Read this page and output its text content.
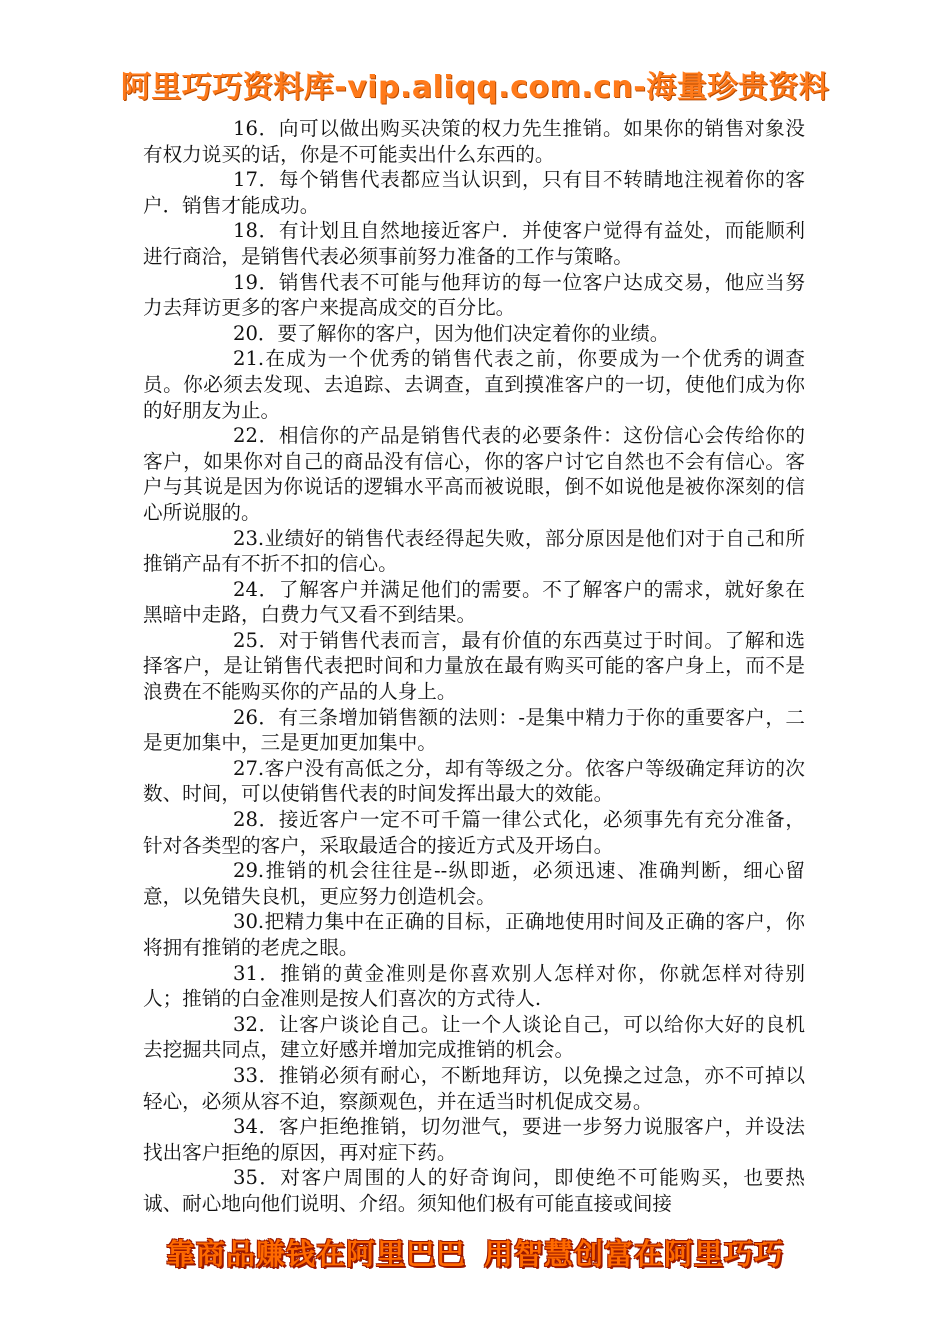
阿里巧巧资料库-vip.aliqq.com.cn-海量珍贵资料

16．向可以做出购买决策的权力先生推销。如果你的销售对象没有权力说买的话，你是不可能卖出什么东西的。

17．每个销售代表都应当认识到，只有目不转睛地注视着你的客户．销售才能成功。

18．有计划且自然地接近客户．并使客户觉得有益处，而能顺利进行商洽，是销售代表必须事前努力准备的工作与策略。

19．销售代表不可能与他拜访的每一位客户达成交易，他应当努力去拜访更多的客户来提高成交的百分比。

20．要了解你的客户，因为他们决定着你的业绩。

21.在成为一个优秀的销售代表之前，你要成为一个优秀的调查员。你必须去发现、去追踪、去调查，直到摸准客户的一切，使他们成为你的好朋友为止。

22．相信你的产品是销售代表的必要条件：这份信心会传给你的客户，如果你对自己的商品没有信心，你的客户讨它自然也不会有信心。客户与其说是因为你说话的逻辑水平高而被说眼，倒不如说他是被你深刻的信心所说服的。

23.业绩好的销售代表经得起失败，部分原因是他们对于自己和所推销产品有不折不扣的信心。

24．了解客户并满足他们的需要。不了解客户的需求，就好象在黑暗中走路，白费力气又看不到结果。

25．对于销售代表而言，最有价值的东西莫过于时间。了解和选择客户，是让销售代表把时间和力量放在最有购买可能的客户身上，而不是浪费在不能购买你的产品的人身上。

26．有三条增加销售额的法则：-是集中精力于你的重要客户，二是更加集中，三是更加更加集中。

27.客户没有高低之分，却有等级之分。依客户等级确定拜访的次数、时间，可以使销售代表的时间发挥出最大的效能。

28．接近客户一定不可千篇一律公式化，必须事先有充分准备，针对各类型的客户，采取最适合的接近方式及开场白。

29.推销的机会往往是--纵即逝，必须迅速、准确判断，细心留意，以免错失良机，更应努力创造机会。

30.把精力集中在正确的目标，正确地使用时间及正确的客户，你将拥有推销的老虎之眼。

31．推销的黄金准则是你喜欢别人怎样对你，你就怎样对待别人；推销的白金准则是按人们喜次的方式待人.

32．让客户谈论自己。让一个人谈论自己，可以给你大好的良机去挖掘共同点，建立好感并增加完成推销的机会。

33．推销必须有耐心，不断地拜访，以免操之过急，亦不可掉以轻心，必须从容不迫，察颜观色，并在适当时机促成交易。

34．客户拒绝推销，切勿泄气，要进一步努力说服客户，并设法找出客户拒绝的原因，再对症下药。

35．对客户周围的人的好奇询问，即使绝不可能购买，也要热诚、耐心地向他们说明、介绍。须知他们极有可能直接或间接

靠商品赚钱在阿里巴巴 用智慧创富在阿里巧巧
